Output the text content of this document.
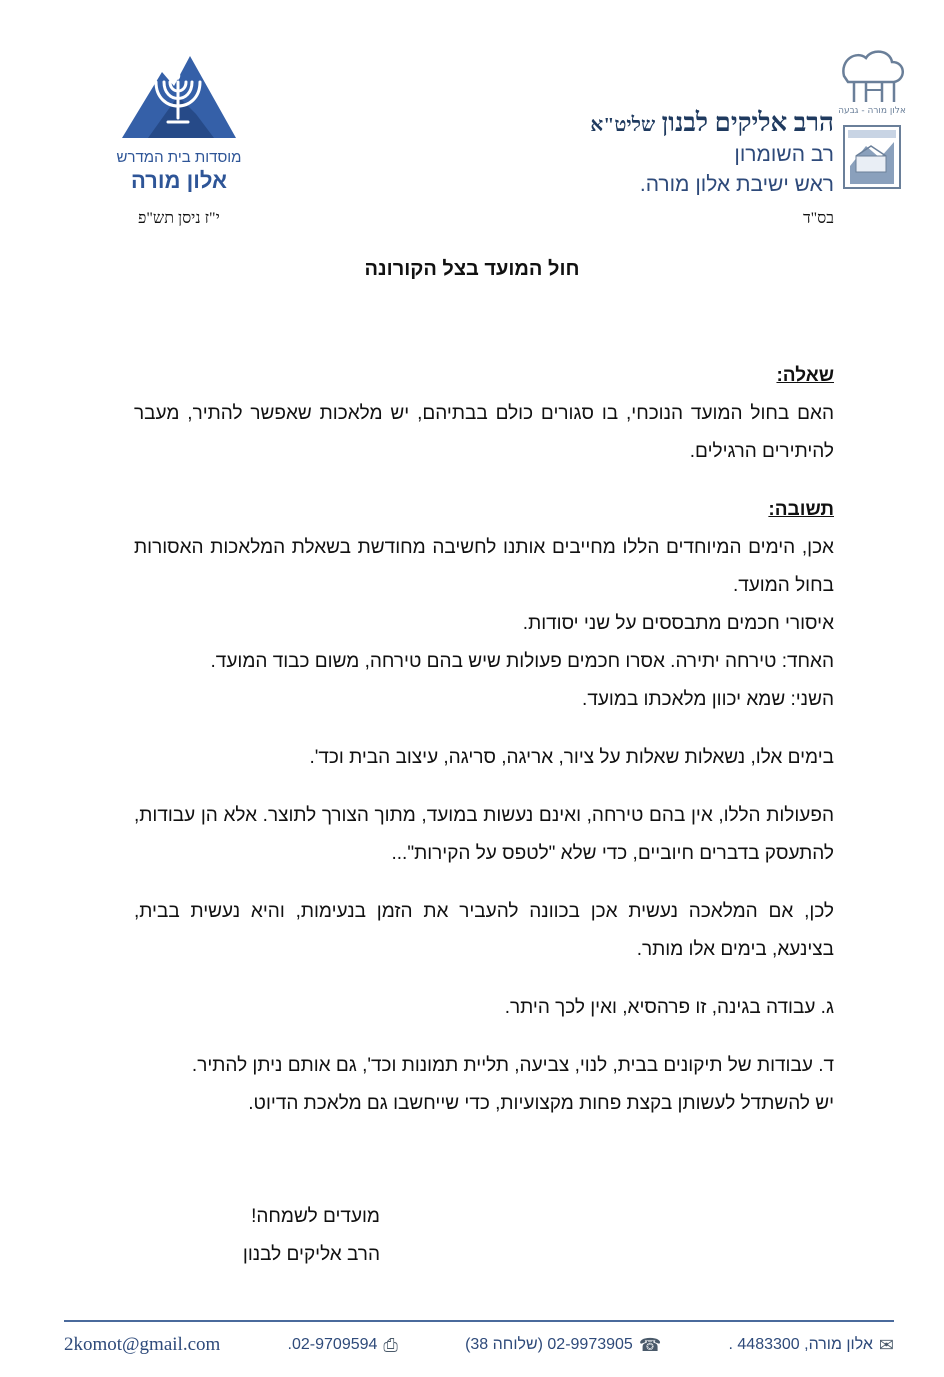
אלון מורה - גבעה
הרב אליקים לבנון שליט"א
רב השומרון
ראש ישיבת אלון מורה.
מוסדות בית המדרש
אלון מורה
בס"ד
י"ז ניסן תש"פ
חול המועד בצל הקורונה

שאלה:

האם בחול המועד הנוכחי, בו סגורים כולם בבתיהם, יש מלאכות שאפשר להתיר, מעבר להיתירים הרגילים.

תשובה:

אכן, הימים המיוחדים הללו מחייבים אותנו לחשיבה מחודשת בשאלת המלאכות האסורות בחול המועד.

איסורי חכמים מתבססים על שני יסודות.

האחד: טירחה יתירה. אסרו חכמים פעולות שיש בהם טירחה, משום כבוד המועד.

השני: שמא יכוון מלאכתו במועד.

בימים אלו, נשאלות שאלות על ציור, אריגה, סריגה, עיצוב הבית וכד'.

הפעולות הללו, אין בהם טירחה, ואינם נעשות במועד, מתוך הצורך לתוצר. אלא הן עבודות, להתעסק בדברים חיוביים, כדי שלא "לטפס על הקירות"...

לכן, אם המלאכה נעשית אכן בכוונה להעביר את הזמן בנעימות, והיא נעשית בבית, בצינעא, בימים אלו מותר.

ג. עבודה בגינה, זו פרהסיא, ואין לכך היתר.

ד. עבודות של תיקונים בבית, לנוי, צביעה, תליית תמונות וכד', גם אותם ניתן להתיר.

יש להשתדל לעשותן בקצת פחות מקצועיות, כדי שייחשבו גם מלאכת הדיוט.

מועדים לשמחה!
הרב אליקים לבנון
✉
אלון מורה, 4483300 .
☎
02-9973905 (שלוחה 38)
⎙
02-9709594.
2komot@gmail.com
